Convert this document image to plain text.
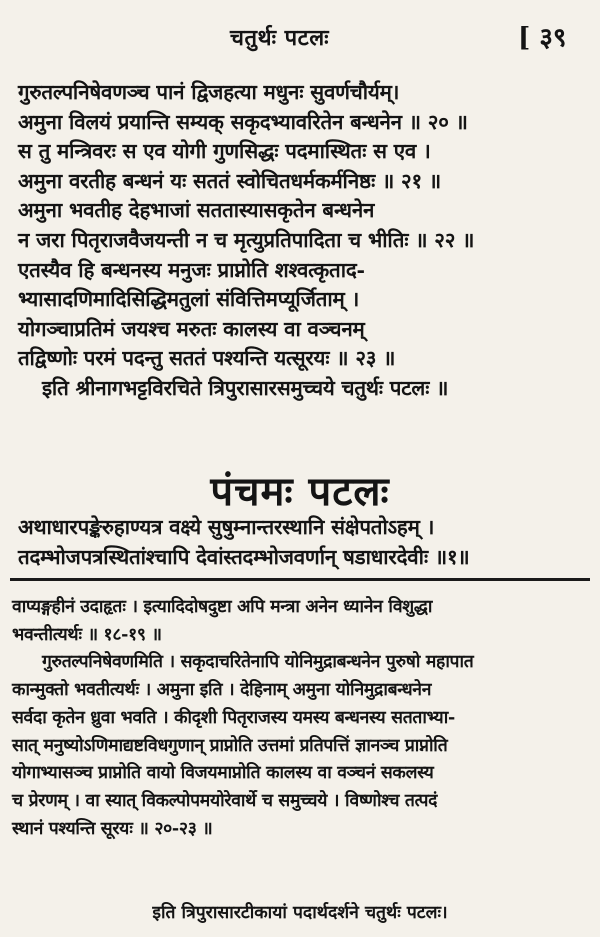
चतुर्थः पटलः	[ ३९
गुरुतल्पनिषेवणञ्च पानं द्विजहत्या मधुनः सुवर्णचौर्यम्।
अमुना विलयं प्रयान्ति सम्यक् सकृदभ्यावरितेन बन्धनेन ॥ २० ॥
स तु मन्त्रिवरः स एव योगी गुणसिद्धः पदमास्थितः स एव ।
अमुना वरतीह बन्धनं यः सततं स्वोचितधर्मकर्मनिष्ठः ॥ २१ ॥
अमुना भवतीह देहभाजां सततास्यासकृतेन बन्धनेन
न जरा पितृराजवैजयन्ती न च मृत्युप्रतिपादिता च भीतिः ॥ २२ ॥
एतस्यैव हि बन्धनस्य मनुजः प्राप्नोति शश्वत्कृताद-
भ्यासादणिमादिसिद्धिमतुलां संवित्तिमप्यूर्जिताम् ।
योगञ्चाप्रतिमं जयश्च मरुतः कालस्य वा वञ्चनम्
तद्विष्णोः परमं पदन्तु सततं पश्यन्ति यत्सूरयः ॥ २३ ॥
इति श्रीनागभट्टविरचिते त्रिपुरासारसमुच्चये चतुर्थः पटलः ॥
पंचमः पटलः
अथाधारपङ्केरुहाण्यत्र वक्ष्ये सुषुम्नान्तरस्थानि संक्षेपतोऽहम् ।
तदम्भोजपत्रस्थितांश्चापि देवांस्तदम्भोजवर्णान् षडाधारदेवीः ॥१॥
वाप्यङ्गहीनं उदाहृतः । इत्यादिदोषदुष्टा अपि मन्त्रा अनेन ध्यानेन विशुद्धा
भवन्तीत्यर्थः ॥ १८-१९ ॥
गुरुतल्पनिषेवणमिति । सकृदाचरितेनापि योनिमुद्राबन्धनेन पुरुषो महापात
कान्मुक्तो भवतीत्यर्थः । अमुना इति । देहिनाम् अमुना योनिमुद्राबन्धनेन
सर्वदा कृतेन ध्रुवा भवति । कीदृशी पितृराजस्य यमस्य बन्धनस्य सतताभ्या-
सात् मनुष्योऽणिमाद्यष्टविधगुणान् प्राप्नोति उत्तमां प्रतिपत्तिं ज्ञानञ्च प्राप्नोति
योगाभ्यासञ्च प्राप्नोति वायो विजयमाप्नोति कालस्य वा वञ्चनं सकलस्य
च प्रेरणम् । वा स्यात् विकल्पोपमयोरेवार्थे च समुच्चये । विष्णोश्च तत्पदं
स्थानं पश्यन्ति सूरयः ॥ २०-२३ ॥
इति त्रिपुरासारटीकायां पदार्थदर्शने चतुर्थः पटलः।
